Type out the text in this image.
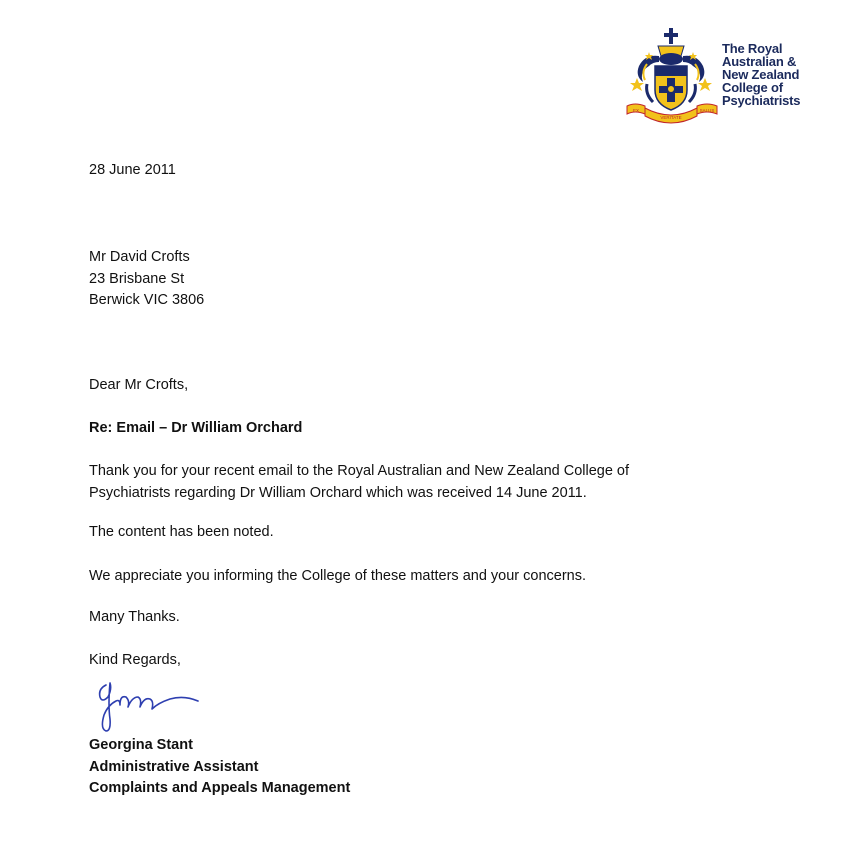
EX
VERITATE
SALUS
The Royal
Australian &
New Zealand
College of
Psychiatrists
28 June 2011
Mr David Crofts
23 Brisbane St
Berwick VIC 3806
Dear Mr Crofts,
Re: Email – Dr William Orchard
Thank you for your recent email to the Royal Australian and New Zealand College of
Psychiatrists regarding Dr William Orchard which was received 14 June 2011.
The content has been noted.
We appreciate you informing the College of these matters and your concerns.
Many Thanks.
Kind Regards,
Georgina Stant
Administrative Assistant
Complaints and Appeals Management
